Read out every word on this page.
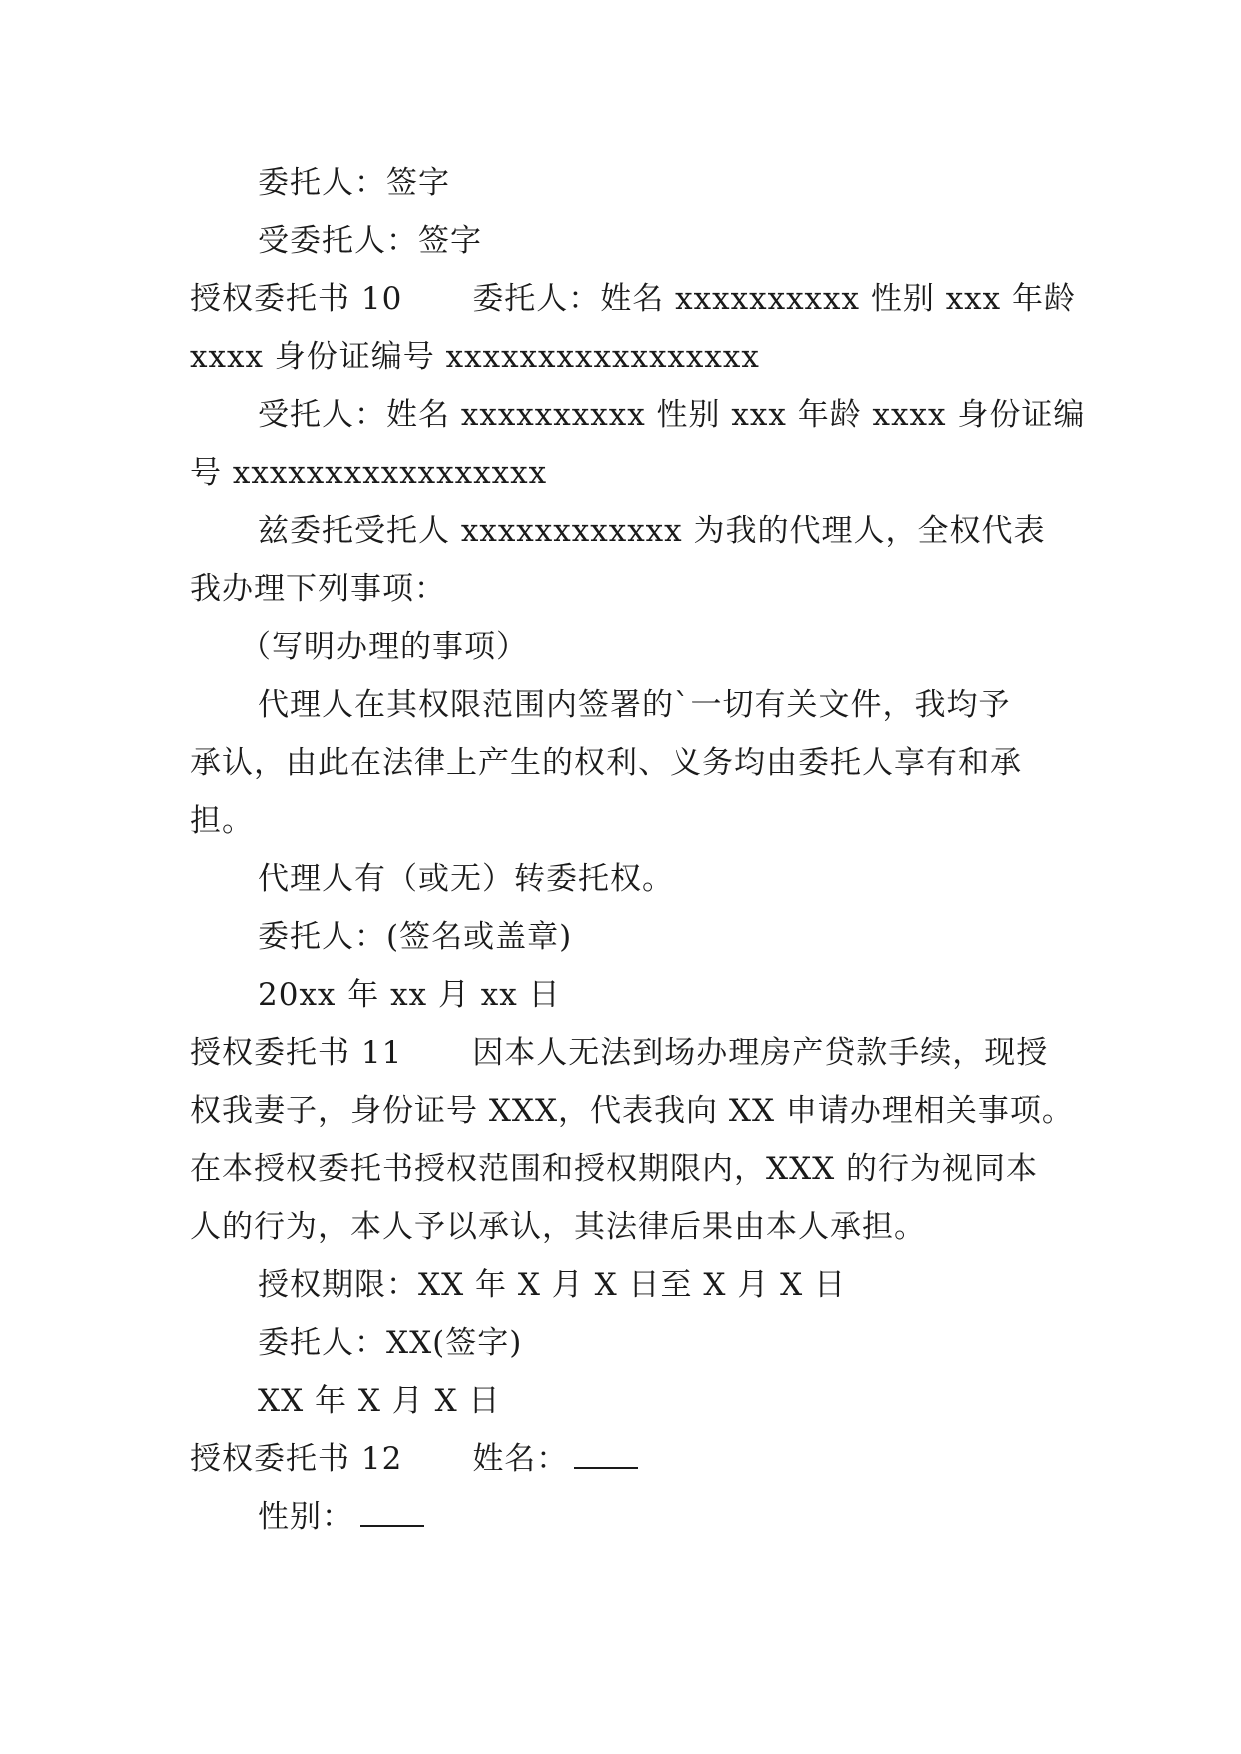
委托人：签字
受委托人：签字
授权委托书 10 委托人：姓名 xxxxxxxxxx 性别 xxx 年龄
xxxx 身份证编号 xxxxxxxxxxxxxxxxx
受托人：姓名 xxxxxxxxxx 性别 xxx 年龄 xxxx 身份证编
号 xxxxxxxxxxxxxxxxx
兹委托受托人 xxxxxxxxxxxx 为我的代理人，全权代表
我办理下列事项：
（写明办理的事项）
代理人在其权限范围内签署的`一切有关文件，我均予
承认，由此在法律上产生的权利、义务均由委托人享有和承
担。
代理人有（或无）转委托权。
委托人：(签名或盖章)
20xx 年 xx 月 xx 日
授权委托书 11 因本人无法到场办理房产贷款手续，现授
权我妻子，身份证号 XXX，代表我向 XX 申请办理相关事项。
在本授权委托书授权范围和授权期限内，XXX 的行为视同本
人的行为，本人予以承认，其法律后果由本人承担。
授权期限：XX 年 X 月 X 日至 X 月 X 日
委托人：XX(签字)
XX 年 X 月 X 日
授权委托书 12 姓名：
性别：
